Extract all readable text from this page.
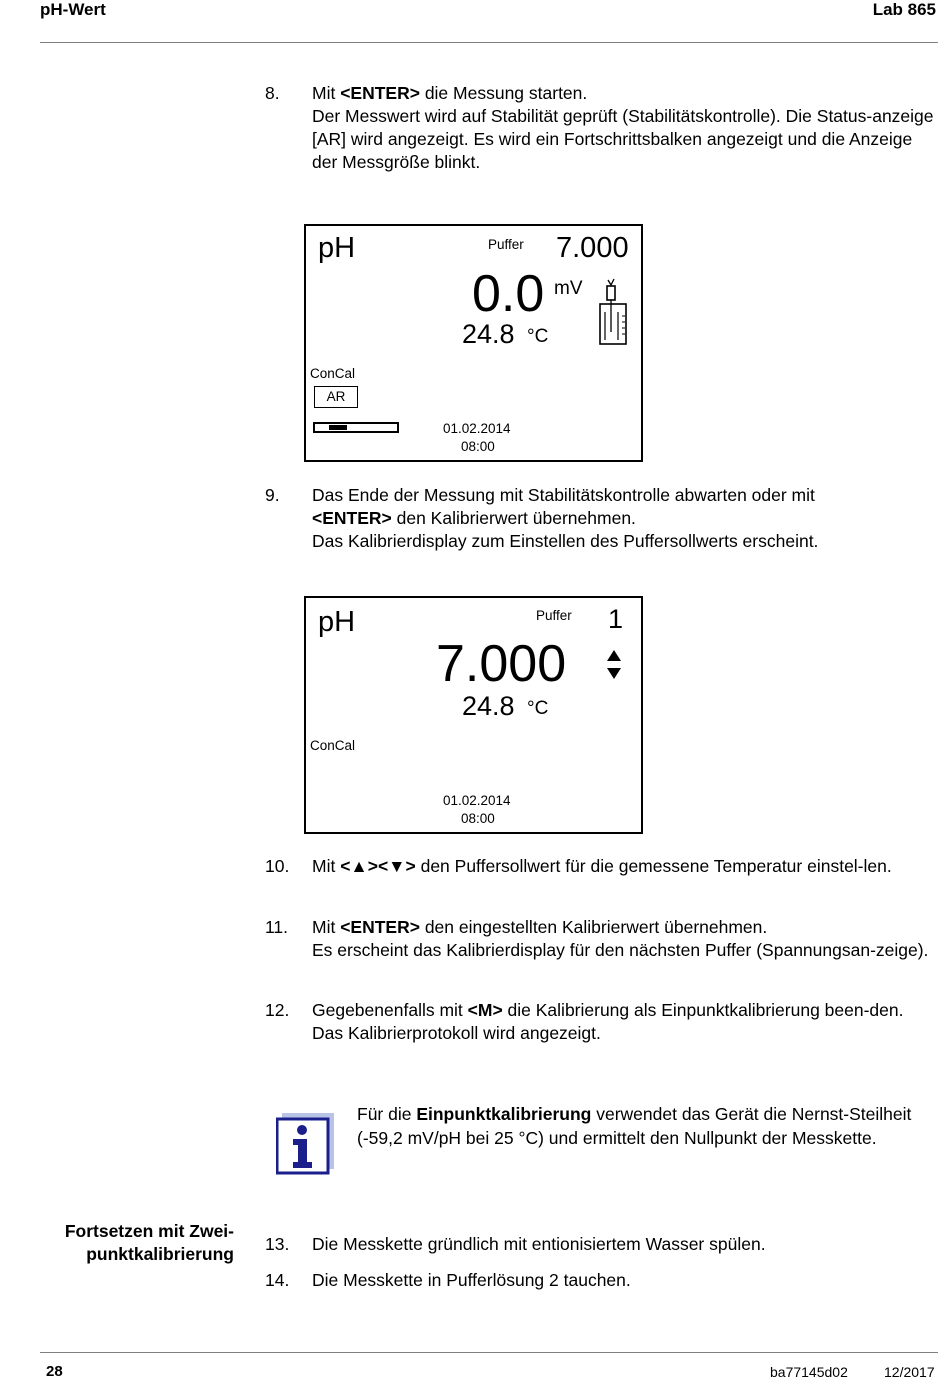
pH-Wert	Lab 865
8. Mit <ENTER> die Messung starten.

Der Messwert wird auf Stabilität geprüft (Stabilitätskontrolle). Die Status-anzeige [AR] wird angezeigt. Es wird ein Fortschrittsbalken angezeigt und die Anzeige der Messgröße blinkt.

pH	Puffer 7.000
0.0 mV
24.8 °C
ConCal
AR
01.02.2014
08:00
9. Das Ende der Messung mit Stabilitätskontrolle abwarten oder mit

<ENTER> den Kalibrierwert übernehmen.

Das Kalibrierdisplay zum Einstellen des Puffersollwerts erscheint.

pH	Puffer 1
7.000
24.8 °C
ConCal
01.02.2014
08:00
10. Mit <▲><▼> den Puffersollwert für die gemessene Temperatur einstel-len.

11. Mit <ENTER> den eingestellten Kalibrierwert übernehmen.

Es erscheint das Kalibrierdisplay für den nächsten Puffer (Spannungsan-zeige).

12. Gegebenenfalls mit <M> die Kalibrierung als Einpunktkalibrierung been-den.

Das Kalibrierprotokoll wird angezeigt.

Für die Einpunktkalibrierung verwendet das Gerät die Nernst-Steilheit (-59,2 mV/pH bei 25 °C) und ermittelt den Nullpunkt der Messkette.
Fortsetzen mit Zwei-
punktkalibrierung 13. Die Messkette gründlich mit entionisiertem Wasser spülen.

14. Die Messkette in Pufferlösung 2 tauchen.

28	ba77145d02	12/2017
